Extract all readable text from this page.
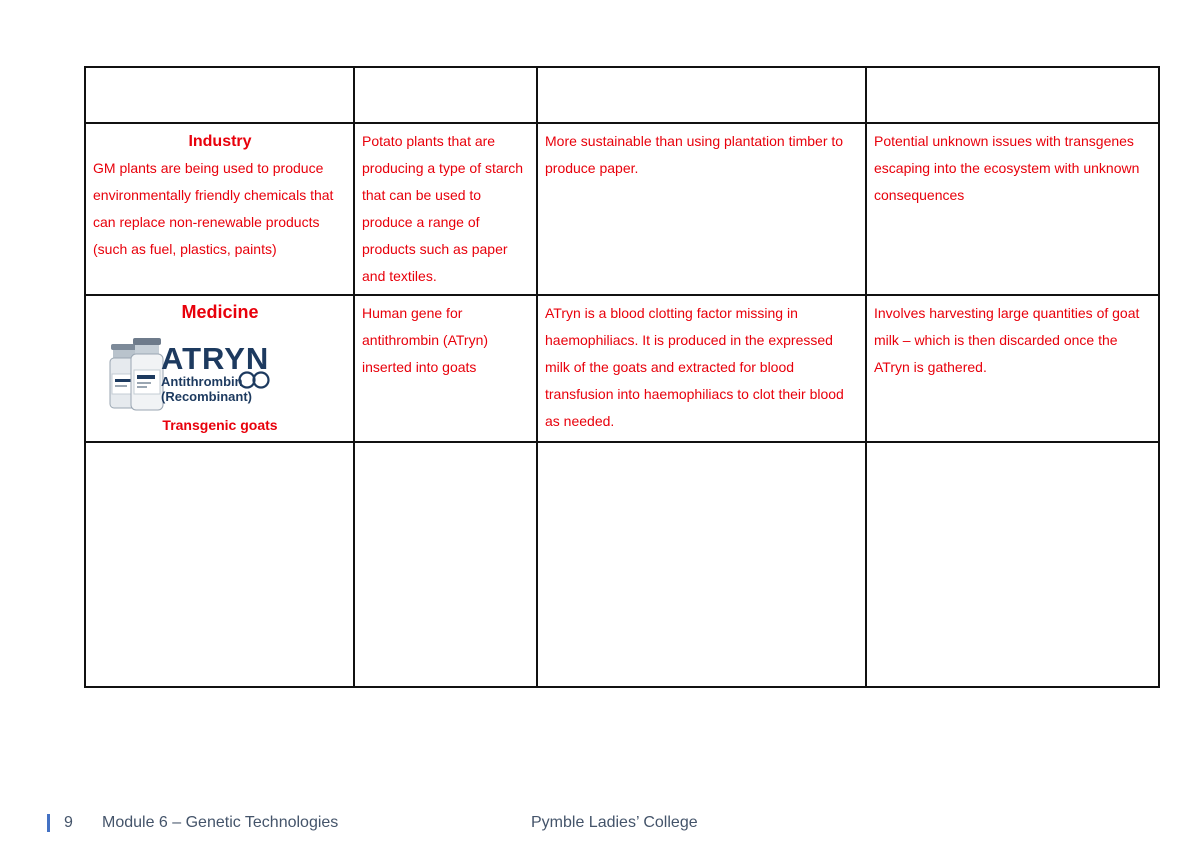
Industry
GM plants are being used to produce environmentally friendly chemicals that can replace non-renewable products (such as fuel, plastics, paints)	Potato plants that are producing a type of starch that can be used to produce a range of products such as paper and textiles.	More sustainable than using plantation timber to produce paper.	Potential unknown issues with transgenes escaping into the ecosystem with unknown consequences

Medicine
ATRYN
Antithrombin
(Recombinant)
Transgenic goats	Human gene for antithrombin (ATryn) inserted into goats	ATryn is a blood clotting factor missing in haemophiliacs. It is produced in the expressed milk of the goats and extracted for blood transfusion into haemophiliacs to clot their blood as needed.	Involves harvesting large quantities of goat milk – which is then discarded once the ATryn is gathered.

9 Module 6 – Genetic Technologies	Pymble Ladies’ College
